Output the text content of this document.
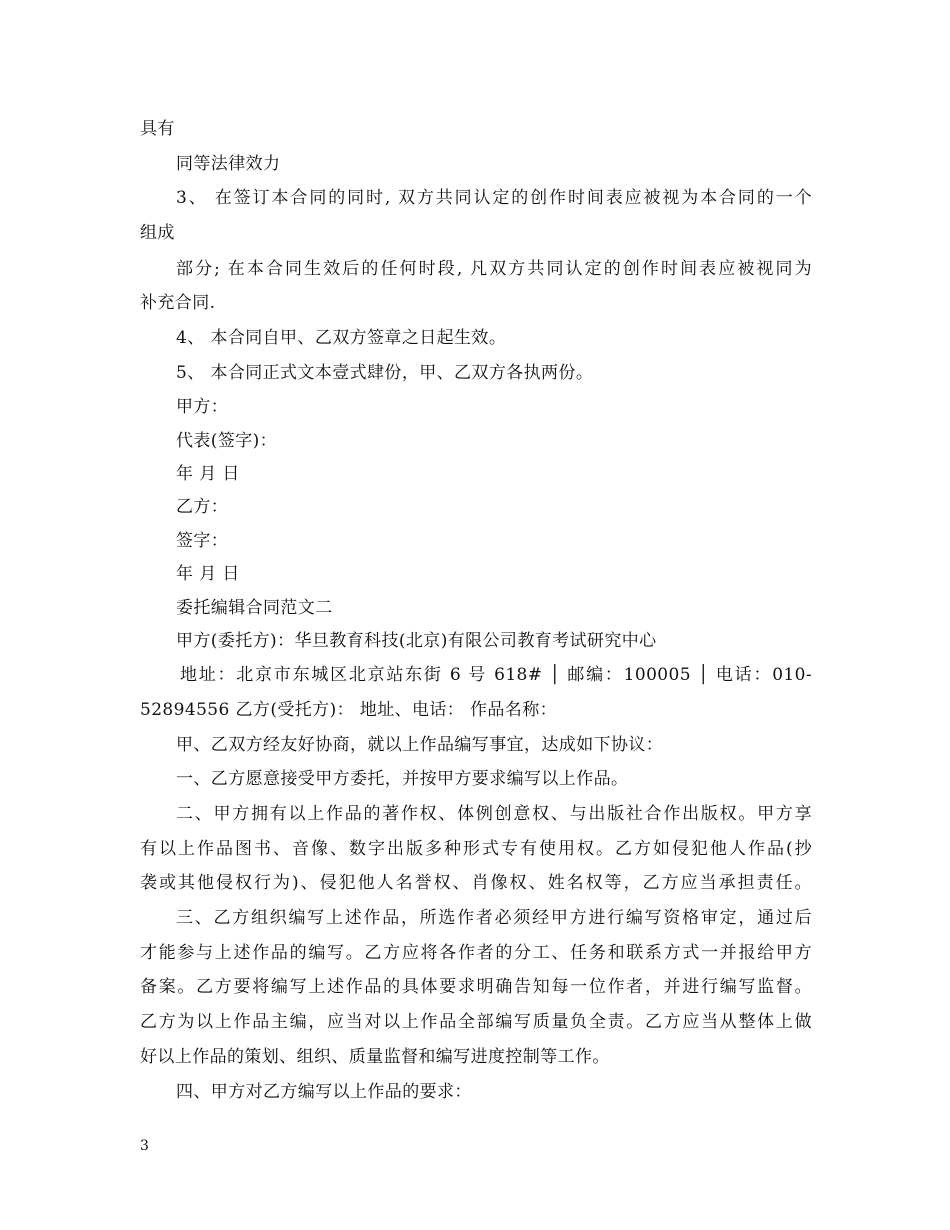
具有
同等法律效力
3、 在签订本合同的同时, 双方共同认定的创作时间表应被视为本合同的一个
组成
部分; 在本合同生效后的任何时段, 凡双方共同认定的创作时间表应被视同为
补充合同.
4、 本合同自甲、乙双方签章之日起生效。
5、 本合同正式文本壹式肆份，甲、乙双方各执两份。
甲方：
代表(签字)：
年 月 日
乙方：
签字：
年 月 日
委托编辑合同范文二
甲方(委托方)：华旦教育科技(北京)有限公司教育考试研究中心
地址：北京市东城区北京站东街 6 号 618# │ 邮编：100005 │ 电话：010-
52894556 乙方(受托方)： 地址、电话： 作品名称：
甲、乙双方经友好协商，就以上作品编写事宜，达成如下协议：
一、乙方愿意接受甲方委托，并按甲方要求编写以上作品。
二、甲方拥有以上作品的著作权、体例创意权、与出版社合作出版权。甲方享
有以上作品图书、音像、数字出版多种形式专有使用权。乙方如侵犯他人作品(抄
袭或其他侵权行为)、侵犯他人名誉权、肖像权、姓名权等，乙方应当承担责任。
三、乙方组织编写上述作品，所选作者必须经甲方进行编写资格审定，通过后
才能参与上述作品的编写。乙方应将各作者的分工、任务和联系方式一并报给甲方
备案。乙方要将编写上述作品的具体要求明确告知每一位作者，并进行编写监督。
乙方为以上作品主编，应当对以上作品全部编写质量负全责。乙方应当从整体上做
好以上作品的策划、组织、质量监督和编写进度控制等工作。
四、甲方对乙方编写以上作品的要求：
3
